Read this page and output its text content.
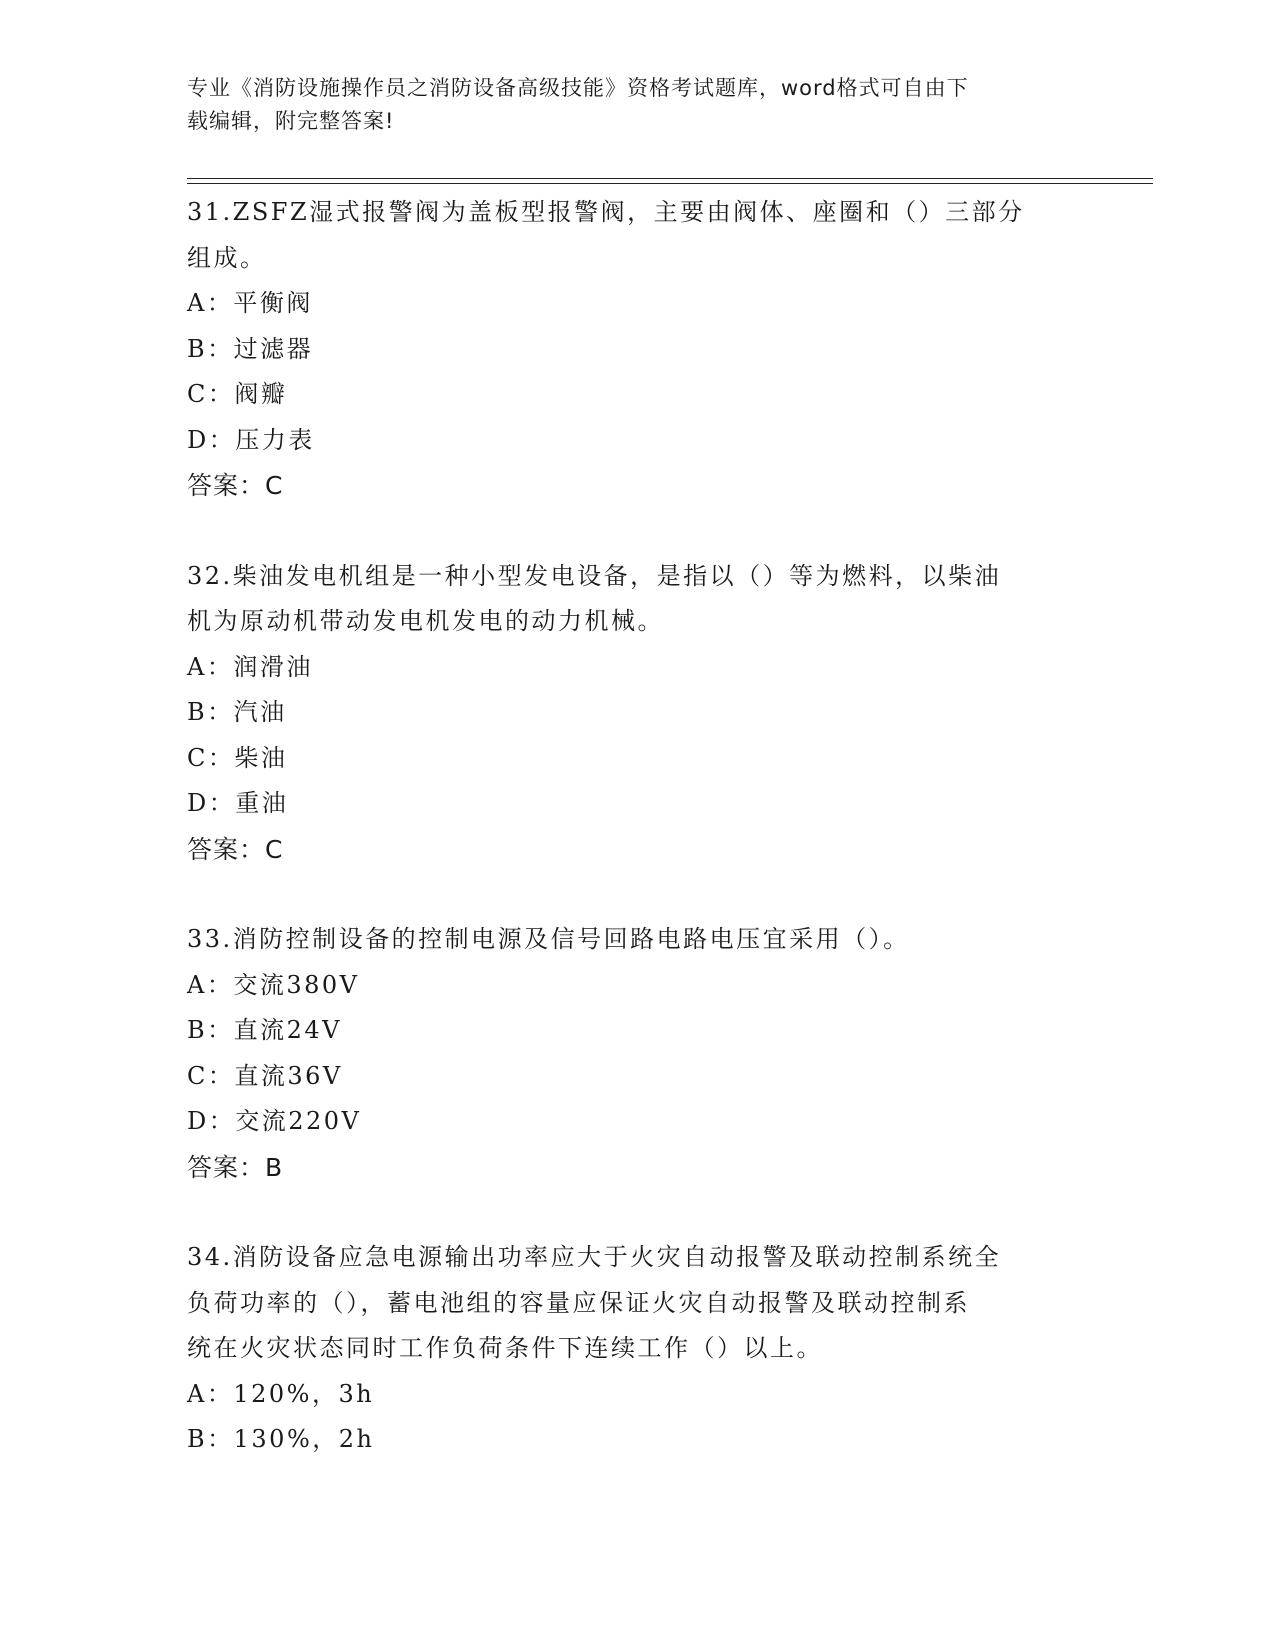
专业《消防设施操作员之消防设备高级技能》资格考试题库，word格式可自由下
载编辑，附完整答案!
31.ZSFZ湿式报警阀为盖板型报警阀，主要由阀体、座圈和（）三部分
组成。
A：平衡阀
B：过滤器
C：阀瓣
D：压力表
答案：C
32.柴油发电机组是一种小型发电设备，是指以（）等为燃料，以柴油
机为原动机带动发电机发电的动力机械。
A：润滑油
B：汽油
C：柴油
D：重油
答案：C
33.消防控制设备的控制电源及信号回路电路电压宜采用（）。
A：交流380V
B：直流24V
C：直流36V
D：交流220V
答案：B
34.消防设备应急电源输出功率应大于火灾自动报警及联动控制系统全
负荷功率的（），蓄电池组的容量应保证火灾自动报警及联动控制系
统在火灾状态同时工作负荷条件下连续工作（）以上。
A：120%，3h
B：130%，2h
